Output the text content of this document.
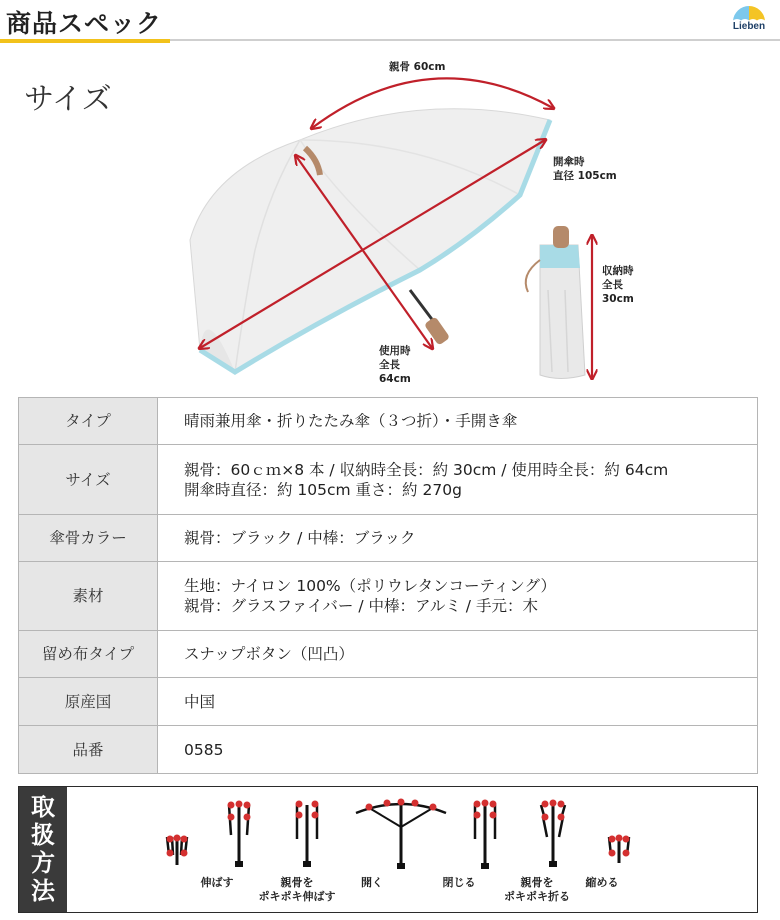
商品スペック	Lieben
サイズ
親骨 60cm
開傘時
直径 105cm
収納時
全長
30cm
使用時
全長
64cm
タイプ	晴雨兼用傘・折りたたみ傘（３つ折）・手開き傘

サイズ	親骨：60ｃｍ×8 本 / 収納時全長：約 30cm / 使用時全長：約 64cm
開傘時直径：約 105cm 重さ：約 270g

傘骨カラー	親骨：ブラック / 中棒：ブラック

素材	生地：ナイロン 100%（ポリウレタンコーティング）
親骨：グラスファイバー / 中棒：アルミ / 手元：木

留め布タイプ	スナップボタン（凹凸）

原産国	中国

品番	0585
取
扱
方
法	伸ばす	親骨を
ポキポキ伸ばす
開く	閉じる	親骨を
ポキポキ折る
縮める
